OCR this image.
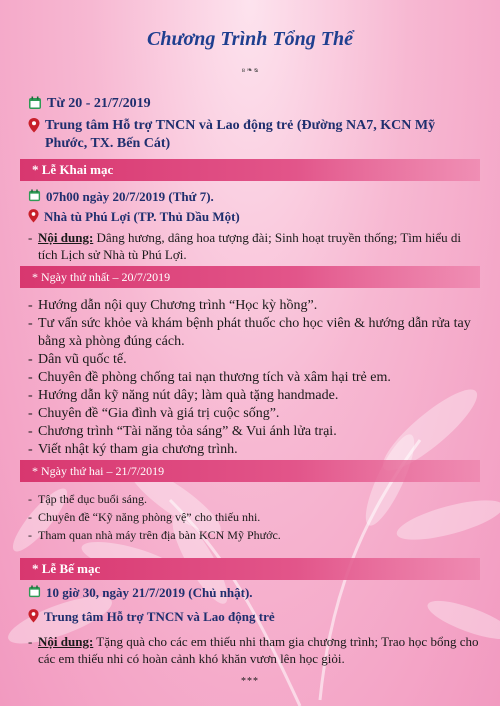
Chương Trình Tổng Thể
ᴕ ❧ ᴓ
Từ 20 - 21/7/2019
Trung tâm Hỗ trợ TNCN và Lao động trẻ (Đường NA7, KCN Mỹ Phước, TX. Bến Cát)
* Lễ Khai mạc
07h00 ngày 20/7/2019 (Thứ 7).
Nhà tù Phú Lợi (TP. Thủ Dầu Một)
- Nội dung: Dâng hương, dâng hoa tượng đài; Sinh hoạt truyền thống; Tìm hiểu di tích Lịch sử Nhà tù Phú Lợi.
* Ngày thứ nhất – 20/7/2019
- Hướng dẫn nội quy Chương trình “Học kỳ hồng”.
- Tư vấn sức khỏe và khám bệnh phát thuốc cho học viên & hướng dẫn rửa tay bằng xà phòng đúng cách.
- Dân vũ quốc tế.
- Chuyên đề phòng chống tai nạn thương tích và xâm hại trẻ em.
- Hướng dẫn kỹ năng nút dây; làm quà tặng handmade.
- Chuyên đề “Gia đình và giá trị cuộc sống”.
- Chương trình “Tài năng tỏa sáng” & Vui ánh lửa trại.
- Viết nhật ký tham gia chương trình.
* Ngày thứ hai – 21/7/2019
- Tập thể dục buổi sáng.
- Chuyên đề “Kỹ năng phòng vệ” cho thiếu nhi.
- Tham quan nhà máy trên địa bàn KCN Mỹ Phước.
* Lễ Bế mạc
10 giờ 30, ngày 21/7/2019 (Chủ nhật).
Trung tâm Hỗ trợ TNCN và Lao động trẻ
- Nội dung: Tặng quà cho các em thiếu nhi tham gia chương trình; Trao học bổng cho các em thiếu nhi có hoàn cảnh khó khăn vươn lên học giỏi.
***
